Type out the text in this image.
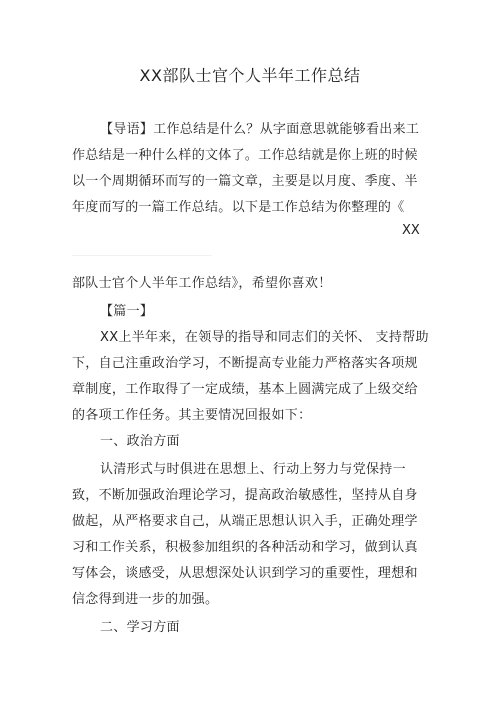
XX部队士官个人半年工作总结
【导语】工作总结是什么？从字面意思就能够看出来工
作总结是一种什么样的文体了。工作总结就是你上班的时候
以一个周期循环而写的一篇文章，主要是以月度、季度、半
年度而写的一篇工作总结。以下是工作总结为你整理的《
XX
部队士官个人半年工作总结》，希望你喜欢！
【篇一】
XX上半年来，在领导的指导和同志们的关怀、 支持帮助
下，自己注重政治学习，不断提高专业能力严格落实各项规
章制度，工作取得了一定成绩，基本上圆满完成了上级交给
的各项工作任务。其主要情况回报如下：
一、政治方面
认清形式与时俱进在思想上、行动上努力与党保持一
致，不断加强政治理论学习，提高政治敏感性，坚持从自身
做起，从严格要求自己，从端正思想认识入手，正确处理学
习和工作关系，积极参加组织的各种活动和学习，做到认真
写体会，谈感受，从思想深处认识到学习的重要性，理想和
信念得到进一步的加强。
二、学习方面
